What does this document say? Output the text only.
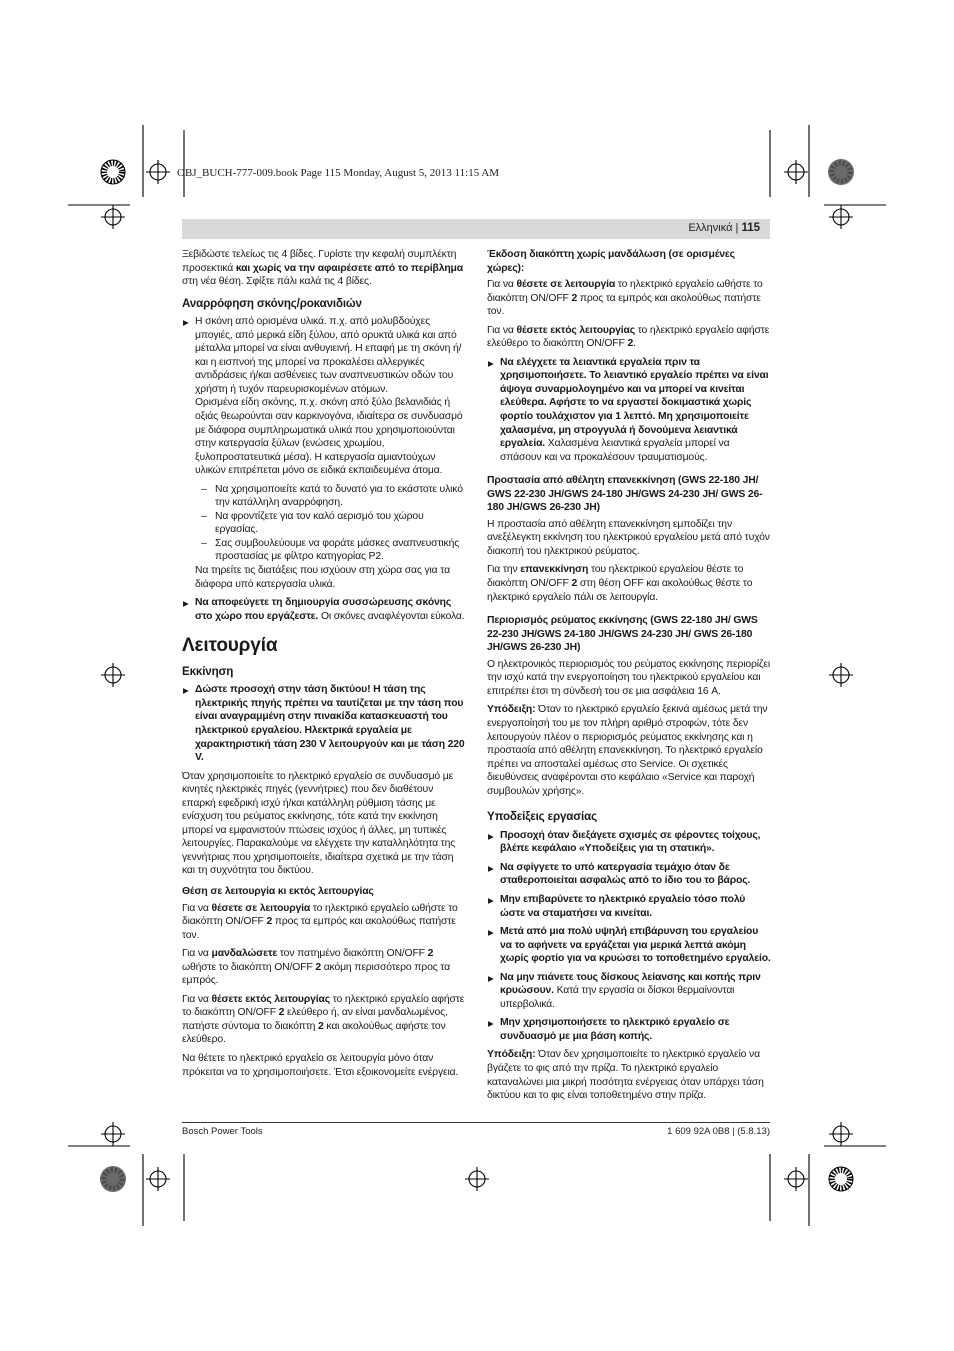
OBJ_BUCH-777-009.book Page 115 Monday, August 5, 2013 11:15 AM
Ελληνικά | 115

Ξεβιδώστε τελείως τις 4 βίδες. Γυρίστε την κεφαλή συμπλέκτη προσεκτικά και χωρίς να την αφαιρέσετε από το περίβλημα στη νέα θέση. Σφίξτε πάλι καλά τις 4 βίδες.

Αναρρόφηση σκόνης/ροκανιδιών

▶ Η σκόνη από ορισμένα υλικά. π.χ. από μολυβδούχες μπογιές, από μερικά είδη ξύλου, από ορυκτά υλικά και από μέταλλα μπορεί να είναι ανθυγιεινή. Η επαφή με τη σκόνη ή/και η εισπνοή της μπορεί να προκαλέσει αλλεργικές αντιδράσεις ή/και ασθένειες των αναπνευστικών οδών του χρήστη ή τυχόν παρευρισκομένων ατόμων.

Ορισμένα είδη σκόνης, π.χ. σκόνη από ξύλο βελανιδιάς ή οξιάς θεωρούνται σαν καρκινογόνα, ιδιαίτερα σε συνδυασμό με διάφορα συμπληρωματικά υλικά που χρησιμοποιούνται στην κατεργασία ξύλων (ενώσεις χρωμίου, ξυλοπροστατευτικά μέσα). Η κατεργασία αμιαντούχων υλικών επιτρέπεται μόνο σε ειδικά εκπαιδευμένα άτομα.

– Να χρησιμοποιείτε κατά το δυνατό για το εκάστοτε υλικό την κατάλληλη αναρρόφηση.

– Να φροντίζετε για τον καλό αερισμό του χώρου εργασίας.

– Σας συμβουλεύουμε να φοράτε μάσκες αναπνευστικής προστασίας με φίλτρο κατηγορίας P2.

Να τηρείτε τις διατάξεις που ισχύουν στη χώρα σας για τα διάφορα υπό κατεργασία υλικά.

▶ Να αποφεύγετε τη δημιουργία συσσώρευσης σκόνης στο χώρο που εργάζεστε. Οι σκόνες αναφλέγονται εύκολα.
Λειτουργία
Εκκίνηση
▶ Δώστε προσοχή στην τάση δικτύου! Η τάση της ηλεκτρικής πηγής πρέπει να ταυτίζεται με την τάση που είναι αναγραμμένη στην πινακίδα κατασκευαστή του ηλεκτρικού εργαλείου. Ηλεκτρικά εργαλεία με χαρακτηριστική τάση 230 V λειτουργούν και με τάση 220 V.

Όταν χρησιμοποιείτε το ηλεκτρικό εργαλείο σε συνδυασμό με κινητές ηλεκτρικές πηγές (γεννήτριες) που δεν διαθέτουν επαρκή εφεδρική ισχύ ή/και κατάλληλη ρύθμιση τάσης με ενίσχυση του ρεύματος εκκίνησης, τότε κατά την εκκίνηση μπορεί να εμφανιστούν πτώσεις ισχύος ή άλλες, μη τυπικές λειτουργίες. Παρακαλούμε να ελέγχετε την καταλληλότητα της γεννήτριας που χρησιμοποιείτε, ιδιαίτερα σχετικά με την τάση και τη συχνότητα του δικτύου.

Θέση σε λειτουργία κι εκτός λειτουργίας

Για να θέσετε σε λειτουργία το ηλεκτρικό εργαλείο ωθήστε το διακόπτη ON/OFF 2 προς τα εμπρός και ακολούθως πατήστε τον.

Για να μανδαλώσετε τον πατημένο διακόπτη ON/OFF 2 ωθήστε το διακόπτη ON/OFF 2 ακόμη περισσότερο προς τα εμπρός.

Για να θέσετε εκτός λειτουργίας το ηλεκτρικό εργαλείο αφήστε το διακόπτη ON/OFF 2 ελεύθερο ή, αν είναι μανδαλωμένος, πατήστε σύντομα το διακόπτη 2 και ακολούθως αφήστε τον ελεύθερο.

Να θέτετε το ηλεκτρικό εργαλείο σε λειτουργία μόνο όταν πρόκειται να το χρησιμοποιήσετε. Έτσι εξοικονομείτε ενέργεια.

Έκδοση διακόπτη χωρίς μανδάλωση (σε ορισμένες χώρες):

Για να θέσετε σε λειτουργία το ηλεκτρικό εργαλείο ωθήστε το διακόπτη ON/OFF 2 προς τα εμπρός και ακολούθως πατήστε τον.

Για να θέσετε εκτός λειτουργίας το ηλεκτρικό εργαλείο αφήστε ελεύθερο το διακόπτη ON/OFF 2.

▶ Να ελέγχετε τα λειαντικά εργαλεία πριν τα χρησιμοποιήσετε. Το λειαντικό εργαλείο πρέπει να είναι άψογα συναρμολογημένο και να μπορεί να κινείται ελεύθερα. Αφήστε το να εργαστεί δοκιμαστικά χωρίς φορτίο τουλάχιστον για 1 λεπτό. Μη χρησιμοποιείτε χαλασμένα, μη στρογγυλά ή δονούμενα λειαντικά εργαλεία. Χαλασμένα λειαντικά εργαλεία μπορεί να σπάσουν και να προκαλέσουν τραυματισμούς.
Προστασία από αθέλητη επανεκκίνηση (GWS 22-180 JH/ GWS 22-230 JH/GWS 24-180 JH/GWS 24-230 JH/ GWS 26-180 JH/GWS 26-230 JH)

Η προστασία από αθέλητη επανεκκίνηση εμποδίζει την ανεξέλεγκτη εκκίνηση του ηλεκτρικού εργαλείου μετά από τυχόν διακοπή του ηλεκτρικού ρεύματος.

Για την επανεκκίνηση του ηλεκτρικού εργαλείου θέστε το διακόπτη ON/OFF 2 στη θέση OFF και ακολούθως θέστε το ηλεκτρικό εργαλείο πάλι σε λειτουργία.

Περιορισμός ρεύματος εκκίνησης (GWS 22-180 JH/ GWS 22-230 JH/GWS 24-180 JH/GWS 24-230 JH/ GWS 26-180 JH/GWS 26-230 JH)

Ο ηλεκτρονικός περιορισμός του ρεύματος εκκίνησης περιορίζει την ισχύ κατά την ενεργοποίηση του ηλεκτρικού εργαλείου και επιτρέπει έτσι τη σύνδεσή του σε μια ασφάλεια 16 A.

Υπόδειξη: Όταν το ηλεκτρικό εργαλείο ξεκινά αμέσως μετά την ενεργοποίησή του με τον πλήρη αριθμό στροφών, τότε δεν λειτουργούν πλέον ο περιορισμός ρεύματος εκκίνησης και η προστασία από αθέλητη επανεκκίνηση. Το ηλεκτρικό εργαλείο πρέπει να αποσταλεί αμέσως στο Service. Οι σχετικές διευθύνσεις αναφέρονται στο κεφάλαιο «Service και παροχή συμβουλών χρήσης».

Υποδείξεις εργασίας
▶ Προσοχή όταν διεξάγετε σχισμές σε φέροντες τοίχους, βλέπε κεφάλαιο «Υποδείξεις για τη στατική».
▶ Να σφίγγετε το υπό κατεργασία τεμάχιο όταν δε σταθεροποιείται ασφαλώς από το ίδιο του το βάρος.
▶ Μην επιβαρύνετε το ηλεκτρικό εργαλείο τόσο πολύ ώστε να σταματήσει να κινείται.
▶ Μετά από μια πολύ υψηλή επιβάρυνση του εργαλείου να το αφήνετε να εργάζεται για μερικά λεπτά ακόμη χωρίς φορτίο για να κρυώσει το τοποθετημένο εργαλείο.
▶ Να μην πιάνετε τους δίσκους λείανσης και κοπής πριν κρυώσουν. Κατά την εργασία οι δίσκοι θερμαίνονται υπερβολικά.
▶ Μην χρησιμοποιήσετε το ηλεκτρικό εργαλείο σε συνδυασμό με μια βάση κοπής.

Υπόδειξη: Όταν δεν χρησιμοποιείτε το ηλεκτρικό εργαλείο να βγάζετε το φις από την πρίζα. Το ηλεκτρικό εργαλείο καταναλώνει μια μικρή ποσότητα ενέργειας όταν υπάρχει τάση δικτύου και το φις είναι τοποθετημένο στην πρίζα.

Bosch Power Tools	1 609 92A 0B8 | (5.8.13)
